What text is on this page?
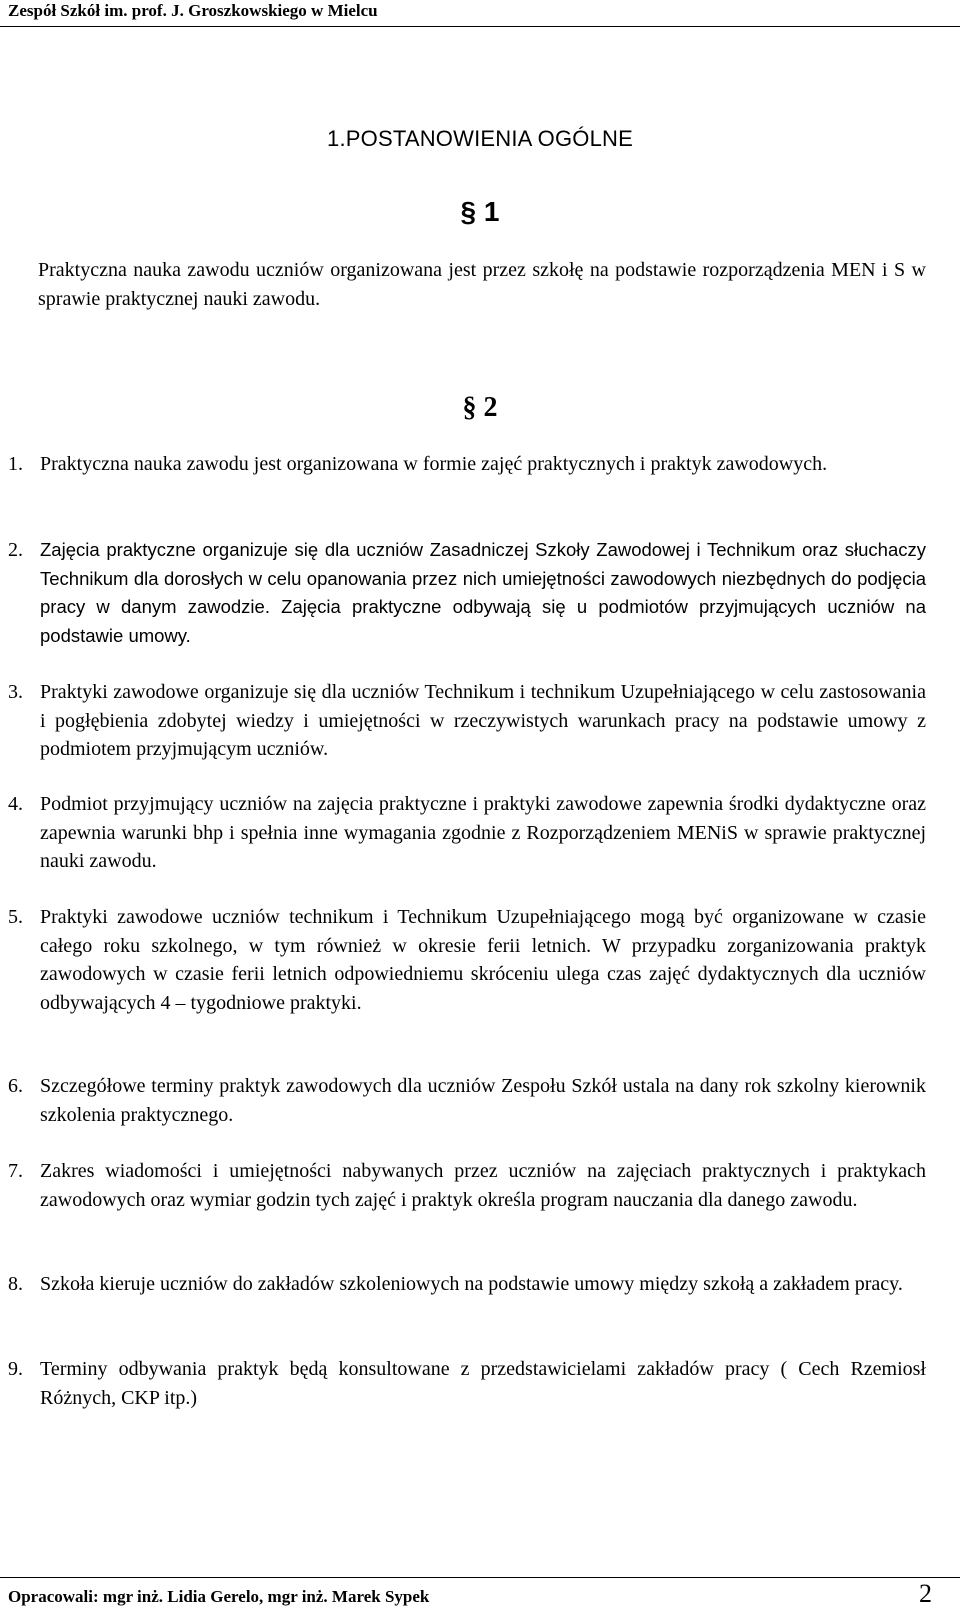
Zespół Szkół im. prof. J. Groszkowskiego w Mielcu
1.POSTANOWIENIA OGÓLNE
§ 1
Praktyczna nauka zawodu uczniów organizowana jest przez szkołę na podstawie rozporządzenia MEN i S w sprawie praktycznej nauki zawodu.
§ 2
1. Praktyczna nauka zawodu jest organizowana w formie zajęć praktycznych i praktyk zawodowych.
2. Zajęcia praktyczne organizuje się dla uczniów Zasadniczej Szkoły Zawodowej i Technikum oraz słuchaczy Technikum dla dorosłych w celu opanowania przez nich umiejętności zawodowych niezbędnych do podjęcia pracy w danym zawodzie. Zajęcia praktyczne odbywają się u podmiotów przyjmujących uczniów na podstawie umowy.
3. Praktyki zawodowe organizuje się dla uczniów Technikum i technikum Uzupełniającego w celu zastosowania i pogłębienia zdobytej wiedzy i umiejętności w rzeczywistych warunkach pracy na podstawie umowy z podmiotem przyjmującym uczniów.
4. Podmiot przyjmujący uczniów na zajęcia praktyczne i praktyki zawodowe zapewnia środki dydaktyczne oraz zapewnia warunki bhp i spełnia inne wymagania zgodnie z Rozporządzeniem MENiS w sprawie praktycznej nauki zawodu.
5. Praktyki zawodowe uczniów technikum i Technikum Uzupełniającego mogą być organizowane w czasie całego roku szkolnego, w tym również w okresie ferii letnich. W przypadku zorganizowania praktyk zawodowych w czasie ferii letnich odpowiedniemu skróceniu ulega czas zajęć dydaktycznych dla uczniów odbywających 4 – tygodniowe praktyki.
6. Szczegółowe terminy praktyk zawodowych dla uczniów Zespołu Szkół ustala na dany rok szkolny kierownik szkolenia praktycznego.
7. Zakres wiadomości i umiejętności nabywanych przez uczniów na zajęciach praktycznych i praktykach zawodowych oraz wymiar godzin tych zajęć i praktyk określa program nauczania dla danego zawodu.
8. Szkoła kieruje uczniów do zakładów szkoleniowych na podstawie umowy między szkołą a zakładem pracy.
9. Terminy odbywania praktyk będą konsultowane z przedstawicielami zakładów pracy ( Cech Rzemiosł Różnych, CKP itp.)
Opracowali: mgr inż. Lidia Gerelo, mgr inż. Marek Sypek	2
